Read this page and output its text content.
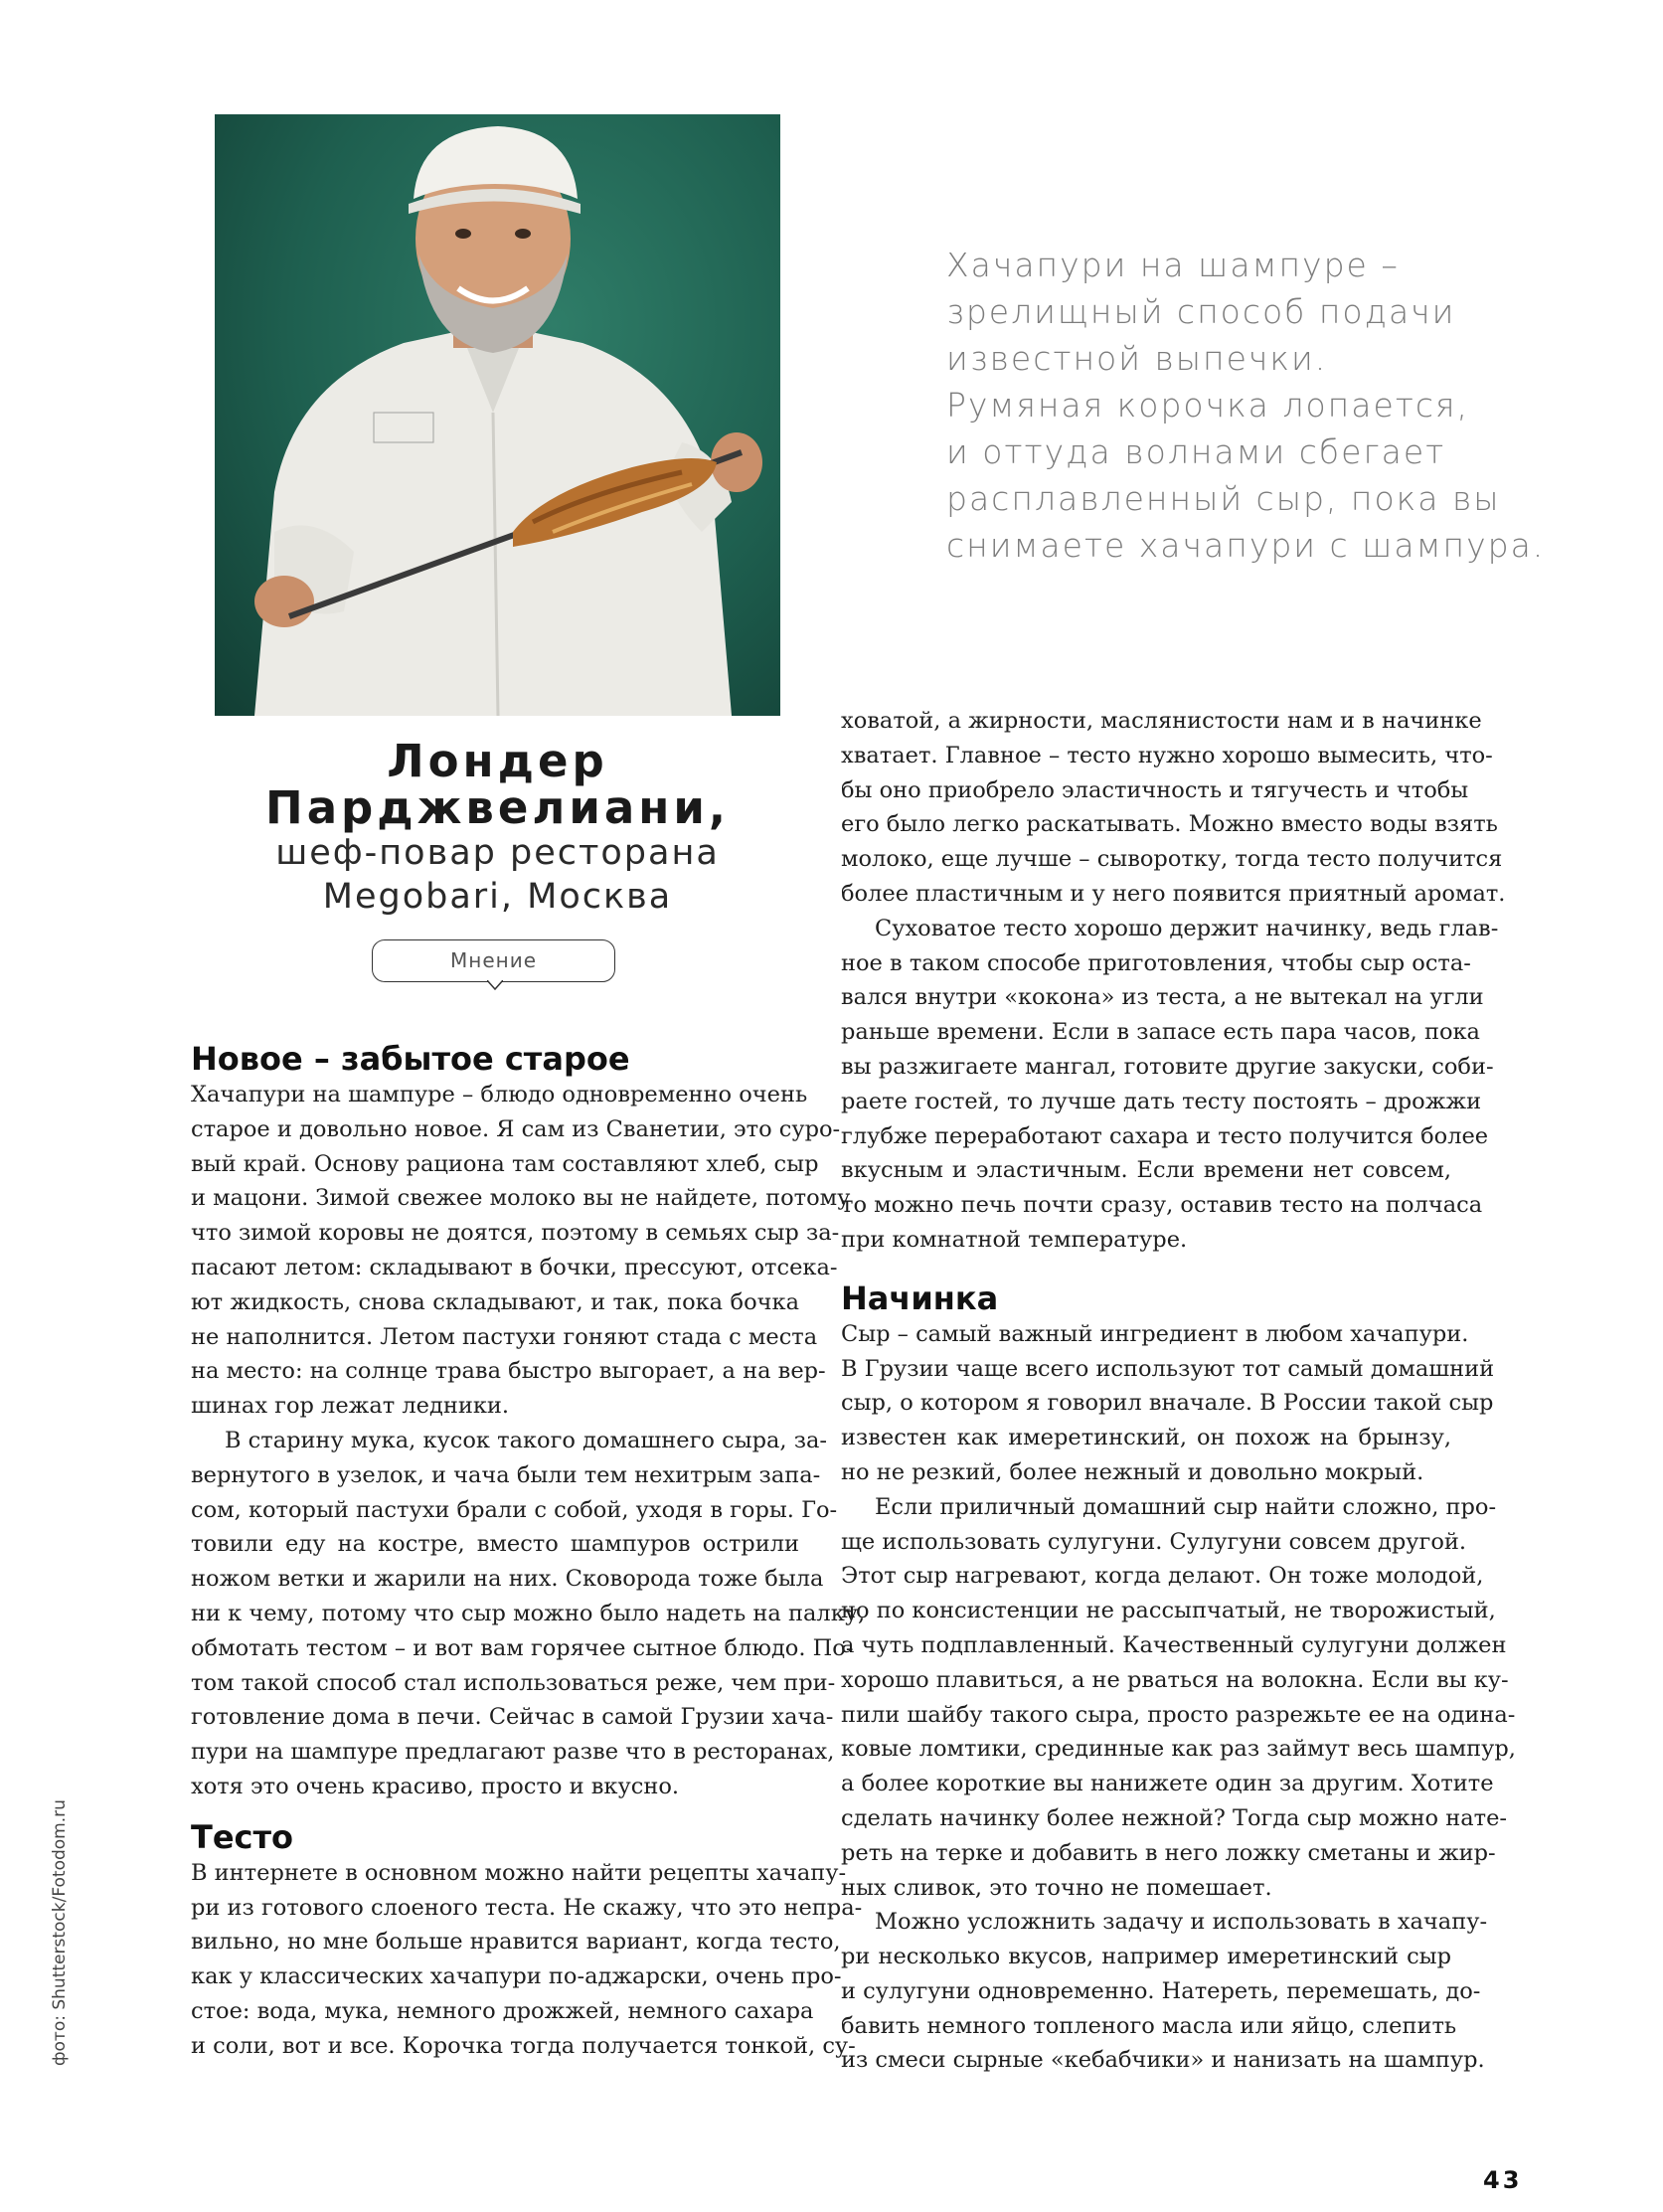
Хачапури на шампуре –
зрелищный способ подачи
известной выпечки.
Румяная корочка лопается,
и оттуда волнами сбегает
расплавленный сыр, пока вы
снимаете хачапури с шампура.
Лондер
Парджвелиани,
шеф-повар ресторана
Megobari, Москва
Мнение
Новое – забытое старое
Хачапури на шампуре – блюдо одновременно очень
старое и довольно новое. Я сам из Сванетии, это суро-
вый край. Основу рациона там составляют хлеб, сыр
и мацони. Зимой свежее молоко вы не найдете, потому
что зимой коровы не доятся, поэтому в семьях сыр за-
пасают летом: складывают в бочки, прессуют, отсека-
ют жидкость, снова складывают, и так, пока бочка
не наполнится. Летом пастухи гоняют стада с места
на место: на солнце трава быстро выгорает, а на вер-
шинах гор лежат ледники.
В старину мука, кусок такого домашнего сыра, за-
вернутого в узелок, и чача были тем нехитрым запа-
сом, который пастухи брали с собой, уходя в горы. Го-
товили еду на костре, вместо шампуров острили
ножом ветки и жарили на них. Сковорода тоже была
ни к чему, потому что сыр можно было надеть на палку,
обмотать тестом – и вот вам горячее сытное блюдо. По-
том такой способ стал использоваться реже, чем при-
готовление дома в печи. Сейчас в самой Грузии хача-
пури на шампуре предлагают разве что в ресторанах,
хотя это очень красиво, просто и вкусно.
Тесто
В интернете в основном можно найти рецепты хачапу-
ри из готового слоеного теста. Не скажу, что это непра-
вильно, но мне больше нравится вариант, когда тесто,
как у классических хачапури по-аджарски, очень про-
стое: вода, мука, немного дрожжей, немного сахара
и соли, вот и все. Корочка тогда получается тонкой, су-
ховатой, а жирности, маслянистости нам и в начинке
хватает. Главное – тесто нужно хорошо вымесить, что-
бы оно приобрело эластичность и тягучесть и чтобы
его было легко раскатывать. Можно вместо воды взять
молоко, еще лучше – сыворотку, тогда тесто получится
более пластичным и у него появится приятный аромат.
Суховатое тесто хорошо держит начинку, ведь глав-
ное в таком способе приготовления, чтобы сыр оста-
вался внутри «кокона» из теста, а не вытекал на угли
раньше времени. Если в запасе есть пара часов, пока
вы разжигаете мангал, готовите другие закуски, соби-
раете гостей, то лучше дать тесту постоять – дрожжи
глубже переработают сахара и тесто получится более
вкусным и эластичным. Если времени нет совсем,
то можно печь почти сразу, оставив тесто на полчаса
при комнатной температуре.
Начинка
Сыр – самый важный ингредиент в любом хачапури.
В Грузии чаще всего используют тот самый домашний
сыр, о котором я говорил вначале. В России такой сыр
известен как имеретинский, он похож на брынзу,
но не резкий, более нежный и довольно мокрый.
Если приличный домашний сыр найти сложно, про-
ще использовать сулугуни. Сулугуни совсем другой.
Этот сыр нагревают, когда делают. Он тоже молодой,
но по консистенции не рассыпчатый, не творожистый,
а чуть подплавленный. Качественный сулугуни должен
хорошо плавиться, а не рваться на волокна. Если вы ку-
пили шайбу такого сыра, просто разрежьте ее на одина-
ковые ломтики, срединные как раз займут весь шампур,
а более короткие вы нанижете один за другим. Хотите
сделать начинку более нежной? Тогда сыр можно нате-
реть на терке и добавить в него ложку сметаны и жир-
ных сливок, это точно не помешает.
Можно усложнить задачу и использовать в хачапу-
ри несколько вкусов, например имеретинский сыр
и сулугуни одновременно. Натереть, перемешать, до-
бавить немного топленого масла или яйцо, слепить
из смеси сырные «кебабчики» и нанизать на шампур.
фото: Shutterstock/Fotodom.ru
43
